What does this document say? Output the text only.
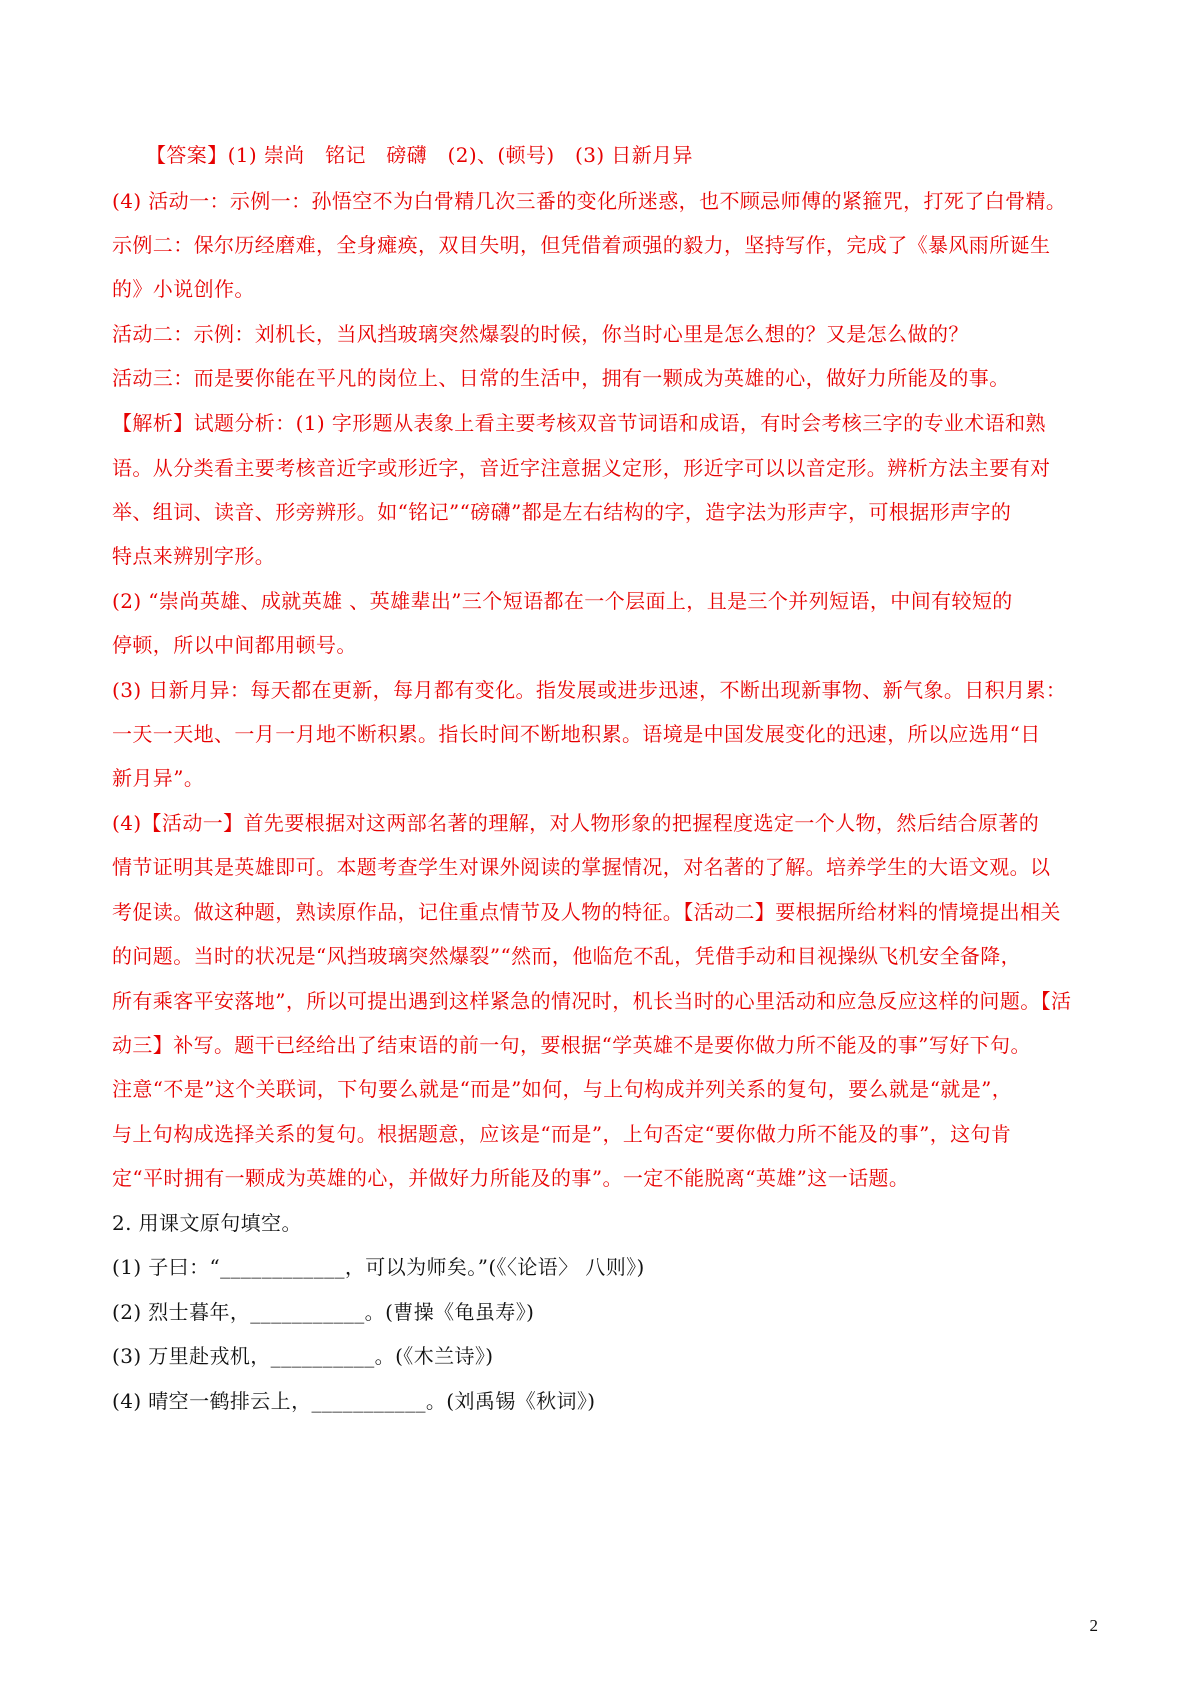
【答案】(1) 崇尚　铭记　磅礴　(2)、(顿号)　(3) 日新月异
(4) 活动一：示例一：孙悟空不为白骨精几次三番的变化所迷惑，也不顾忌师傅的紧箍咒，打死了白骨精。
示例二：保尔历经磨难，全身瘫痪，双目失明，但凭借着顽强的毅力，坚持写作，完成了《暴风雨所诞生
的》小说创作。
活动二：示例：刘机长，当风挡玻璃突然爆裂的时候，你当时心里是怎么想的？又是怎么做的？
活动三：而是要你能在平凡的岗位上、日常的生活中，拥有一颗成为英雄的心，做好力所能及的事。
【解析】试题分析：(1) 字形题从表象上看主要考核双音节词语和成语，有时会考核三字的专业术语和熟
语。从分类看主要考核音近字或形近字，音近字注意据义定形，形近字可以以音定形。辨析方法主要有对
举、组词、读音、形旁辨形。如“铭记”“磅礴”都是左右结构的字，造字法为形声字，可根据形声字的
特点来辨别字形。
(2) “崇尚英雄、成就英雄 、英雄辈出”三个短语都在一个层面上，且是三个并列短语，中间有较短的
停顿，所以中间都用顿号。
(3) 日新月异：每天都在更新，每月都有变化。指发展或进步迅速，不断出现新事物、新气象。日积月累：
一天一天地、一月一月地不断积累。指长时间不断地积累。语境是中国发展变化的迅速，所以应选用“日
新月异”。
(4)【活动一】首先要根据对这两部名著的理解，对人物形象的把握程度选定一个人物，然后结合原著的
情节证明其是英雄即可。本题考查学生对课外阅读的掌握情况，对名著的了解。培养学生的大语文观。以
考促读。做这种题，熟读原作品，记住重点情节及人物的特征。【活动二】要根据所给材料的情境提出相关
的问题。当时的状况是“风挡玻璃突然爆裂”“然而，他临危不乱，凭借手动和目视操纵飞机安全备降，
所有乘客平安落地”，所以可提出遇到这样紧急的情况时，机长当时的心里活动和应急反应这样的问题。【活
动三】补写。题干已经给出了结束语的前一句，要根据“学英雄不是要你做力所不能及的事”写好下句。
注意“不是”这个关联词，下句要么就是“而是”如何，与上句构成并列关系的复句，要么就是“就是”，
与上句构成选择关系的复句。根据题意，应该是“而是”，上句否定“要你做力所不能及的事”，这句肯
定“平时拥有一颗成为英雄的心，并做好力所能及的事”。一定不能脱离“英雄”这一话题。
2. 用课文原句填空。
(1) 子曰：“____________，可以为师矣。”(《〈论语〉 八则》)
(2) 烈士暮年，___________。(曹操《龟虽寿》)
(3) 万里赴戎机，__________。(《木兰诗》)
(4) 晴空一鹤排云上，___________。(刘禹锡《秋词》)
2
